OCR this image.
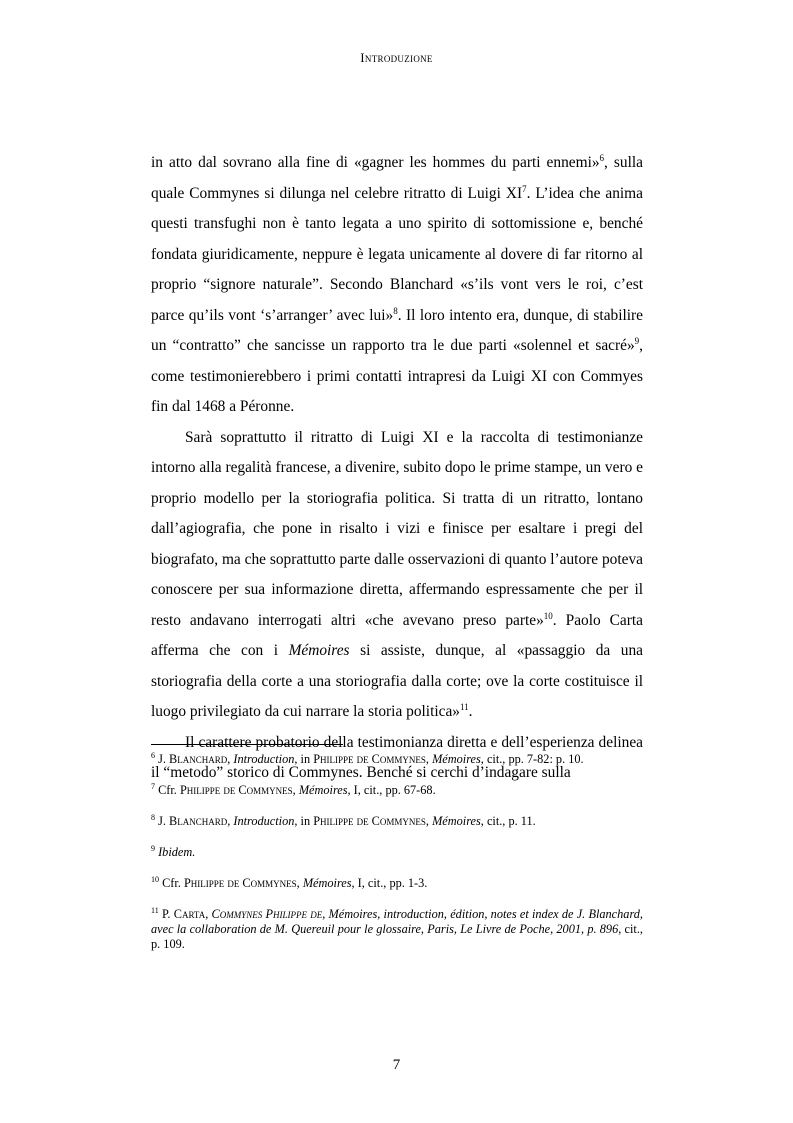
Introduzione

in atto dal sovrano alla fine di «gagner les hommes du parti ennemi»$^6$, sulla quale Commynes si dilunga nel celebre ritratto di Luigi $XI^7$. L’idea che anima questi transfughi non è tanto legata a uno spirito di sottomissione e, benché fondata giuridicamente, neppure è legata unicamente al dovere di far ritorno al proprio “signore naturale”. Secondo Blanchard «s’ils vont vers le roi, c’est parce qu’ils vont ‘s’arranger’ avec lui»$^8$. Il loro intento era, dunque, di stabilire un “contratto” che sancisse un rapporto tra le due parti «solennel et sacré»$^9$, come testimonierebbero i primi contatti intrapresi da Luigi XI con Commyes fin dal 1468 a Péronne.

Sarà soprattutto il ritratto di Luigi XI e la raccolta di testimonianze intorno alla regalità francese, a divenire, subito dopo le prime stampe, un vero e proprio modello per la storiografia politica. Si tratta di un ritratto, lontano dall’agiografia, che pone in risalto i vizi e finisce per esaltare i pregi del biografato, ma che soprattutto parte dalle osservazioni di quanto l’autore poteva conoscere per sua informazione diretta, affermando espressamente che per il resto andavano interrogati altri «che avevano preso parte»$^{10}$. Paolo Carta afferma che con i Mémoires si assiste, dunque, al «passaggio da una storiografia della corte a una storiografia dalla corte; ove la corte costituisce il luogo privilegiato da cui narrare la storia politica»$^{11}$.

Il carattere probatorio della testimonianza diretta e dell’esperienza delinea il “metodo” storico di Commynes. Benché si cerchi d’indagare sulla

$^6$ J. Blanchard, Introduction, in Philippe de Commynes, Mémoires, cit., pp. 7-82: p. 10.

$^7$ Cfr. Philippe de Commynes, Mémoires, I, cit., pp. 67-68.

$^8$ J. Blanchard, Introduction, in Philippe de Commynes, Mémoires, cit., p. 11.

$^9$ Ibidem.

$^{10}$ Cfr. Philippe de Commynes, Mémoires, I, cit., pp. 1-3.

$^{11}$ P. Carta, Commynes Philippe de, Mémoires, introduction, édition, notes et index de J. Blanchard, avec la collaboration de M. Quereuil pour le glossaire, Paris, Le Livre de Poche, 2001, p. 896, cit., p. 109.

7
